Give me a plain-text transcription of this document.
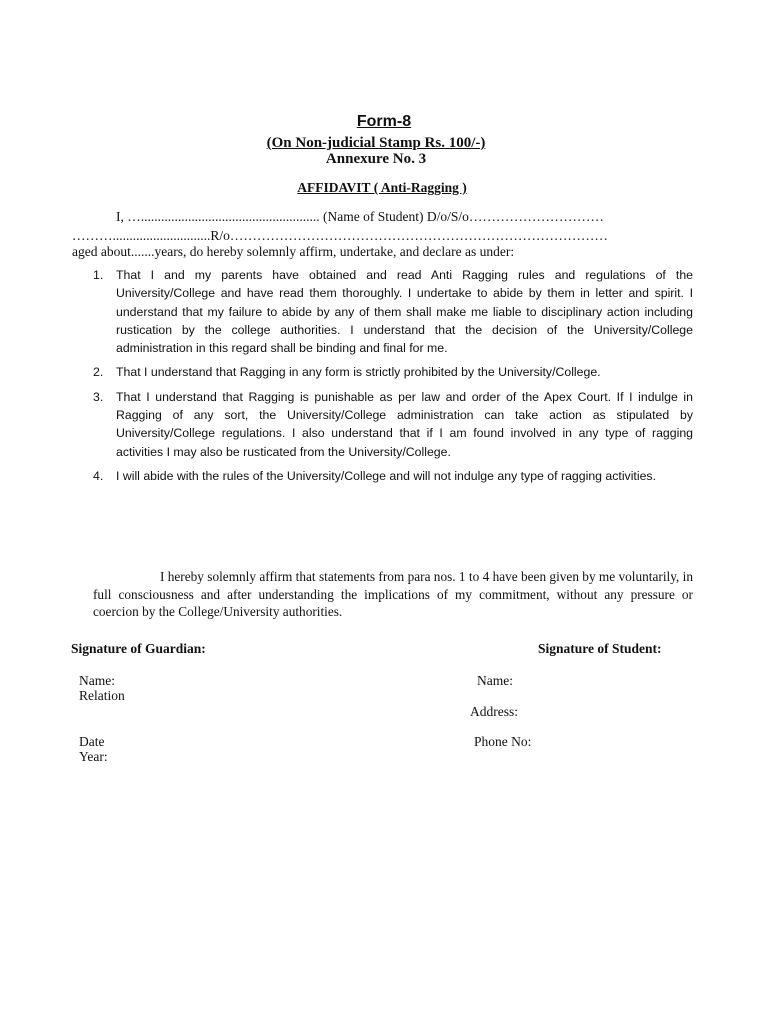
Form-8
(On Non-judicial Stamp Rs. 100/-)
Annexure No. 3
AFFIDAVIT ( Anti-Ragging )
I, …..................................................... (Name of Student) D/o/S/o…………………………
……….............................R/o…………………………………………………………………………
aged about.......years, do hereby solemnly affirm, undertake, and declare as under:
1.	That I and my parents have obtained and read Anti Ragging rules and regulations of the University/College and have read them thoroughly. I undertake to abide by them in letter and spirit. I understand that my failure to abide by any of them shall make me liable to disciplinary action including rustication by the college authorities. I understand that the decision of the University/College administration in this regard shall be binding and final for me.
2.	That I understand that Ragging in any form is strictly prohibited by the University/College.
3.	That I understand that Ragging is punishable as per law and order of the Apex Court. If I indulge in Ragging of any sort, the University/College administration can take action as stipulated by University/College regulations. I also understand that if I am found involved in any type of ragging activities I may also be rusticated from the University/College.
4.	I will abide with the rules of the University/College and will not indulge any type of ragging activities.
I hereby solemnly affirm that statements from para nos. 1 to 4 have been given by me voluntarily, in full consciousness and after understanding the implications of my commitment, without any pressure or coercion by the College/University authorities.
Signature of Guardian:	Signature of Student:
Name:
Relation
Date
Year:
Name:
Address:
Phone No:
